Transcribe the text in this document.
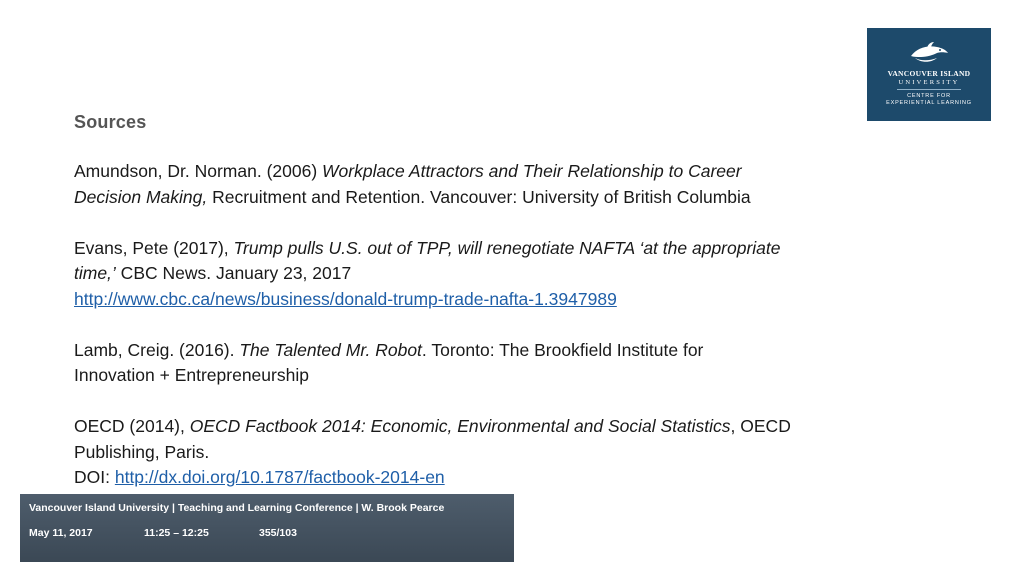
VANCOUVER ISLAND
UNIVERSITY
CENTRE FOR
EXPERIENTIAL LEARNING
Sources
Amundson, Dr. Norman. (2006) Workplace Attractors and Their Relationship to Career
Decision Making, Recruitment and Retention. Vancouver: University of British Columbia
Evans, Pete (2017), Trump pulls U.S. out of TPP, will renegotiate NAFTA ‘at the appropriate
time,’ CBC News. January 23, 2017
http://www.cbc.ca/news/business/donald-trump-trade-nafta-1.3947989
Lamb, Creig. (2016). The Talented Mr. Robot. Toronto: The Brookfield Institute for
Innovation + Entrepreneurship
OECD (2014), OECD Factbook 2014: Economic, Environmental and Social Statistics, OECD
Publishing, Paris.
DOI: http://dx.doi.org/10.1787/factbook-2014-en
Vancouver Island University | Teaching and Learning Conference | W. Brook Pearce
May 11, 2017	11:25 – 12:25	355/103
